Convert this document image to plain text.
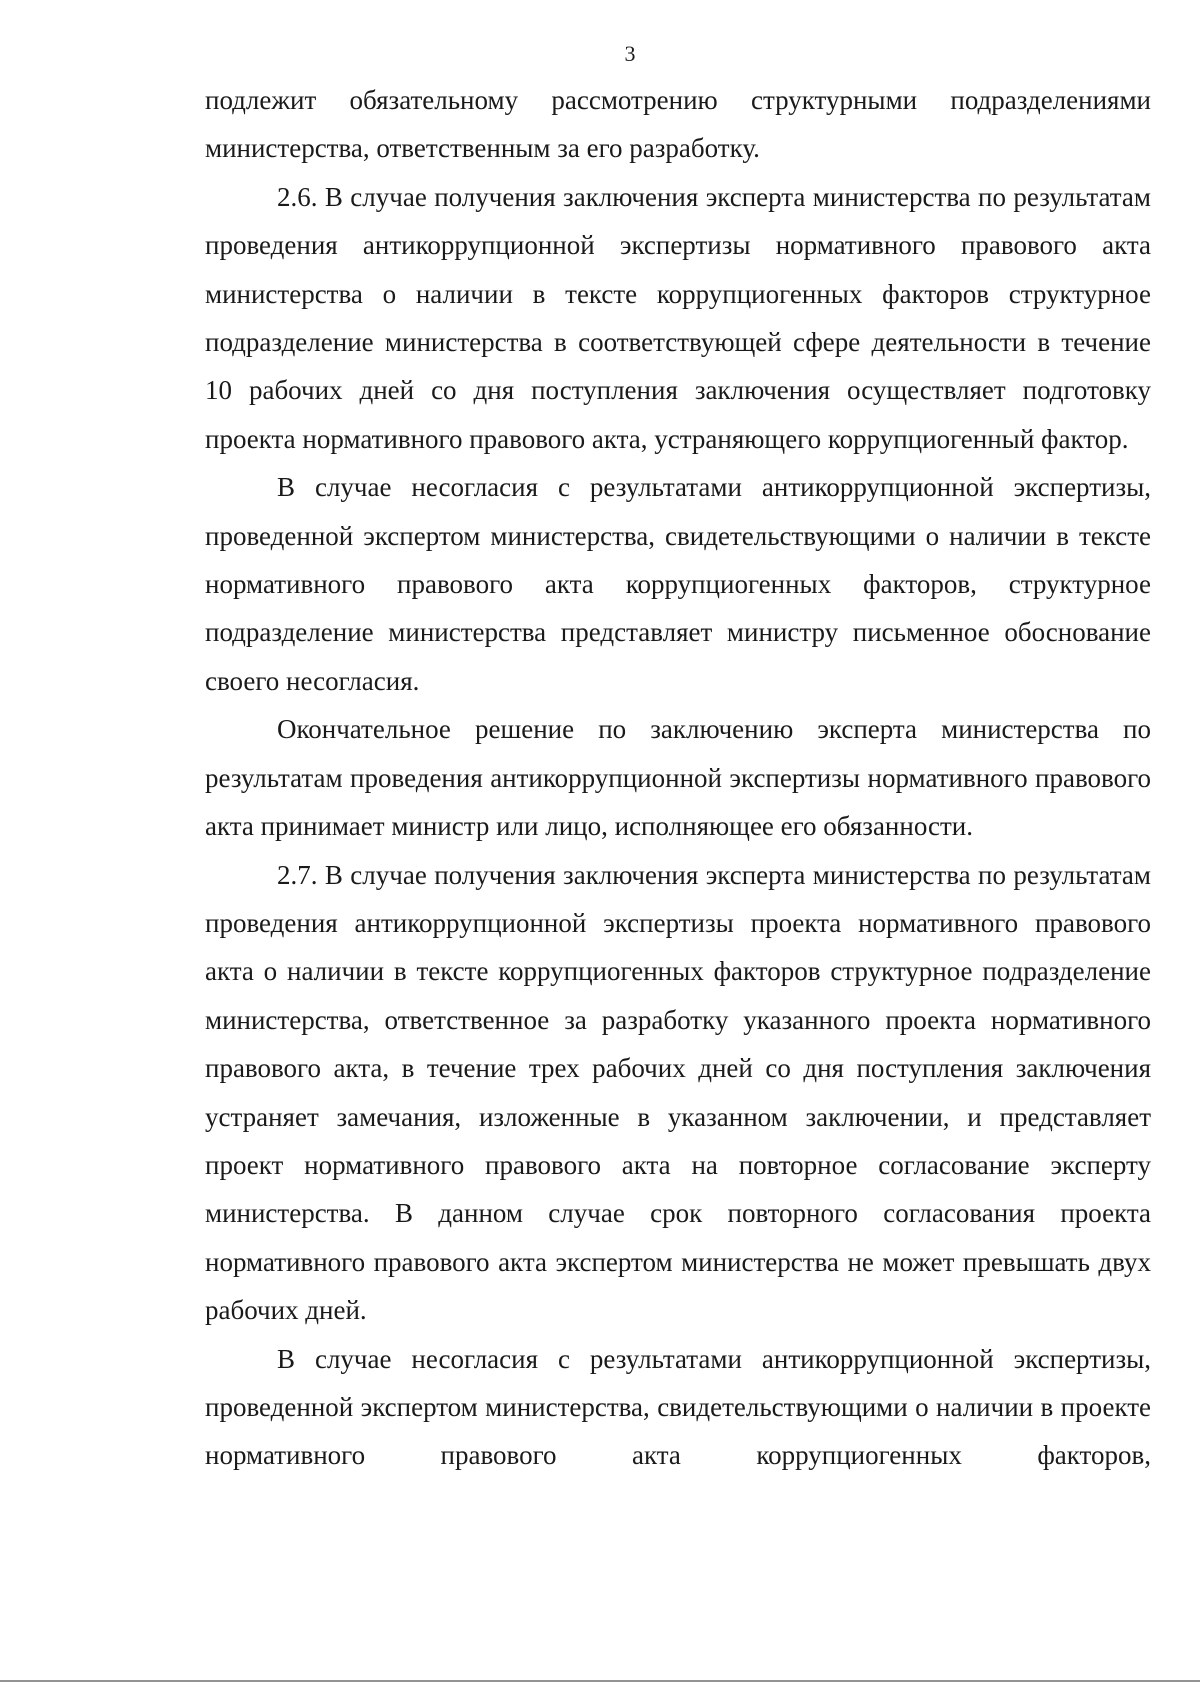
3

подлежит обязательному рассмотрению структурными подразделениями министерства, ответственным за его разработку.

2.6. В случае получения заключения эксперта министерства по результатам проведения антикоррупционной экспертизы нормативного правового акта министерства о наличии в тексте коррупциогенных факторов структурное подразделение министерства в соответствующей сфере деятельности в течение 10 рабочих дней со дня поступления заключения осуществляет подготовку проекта нормативного правового акта, устраняющего коррупциогенный фактор.

В случае несогласия с результатами антикоррупционной экспертизы, проведенной экспертом министерства, свидетельствующими о наличии в тексте нормативного правового акта коррупциогенных факторов, структурное подразделение министерства представляет министру письменное обоснование своего несогласия.

Окончательное решение по заключению эксперта министерства по результатам проведения антикоррупционной экспертизы нормативного правового акта принимает министр или лицо, исполняющее его обязанности.

2.7. В случае получения заключения эксперта министерства по результатам проведения антикоррупционной экспертизы проекта нормативного правового акта о наличии в тексте коррупциогенных факторов структурное подразделение министерства, ответственное за разработку указанного проекта нормативного правового акта, в течение трех рабочих дней со дня поступления заключения устраняет замечания, изложенные в указанном заключении, и представляет проект нормативного правового акта на повторное согласование эксперту министерства. В данном случае срок повторного согласования проекта нормативного правового акта экспертом министерства не может превышать двух рабочих дней.

В случае несогласия с результатами антикоррупционной экспертизы, проведенной экспертом министерства, свидетельствующими о наличии в проекте нормативного правового акта коррупциогенных факторов,
